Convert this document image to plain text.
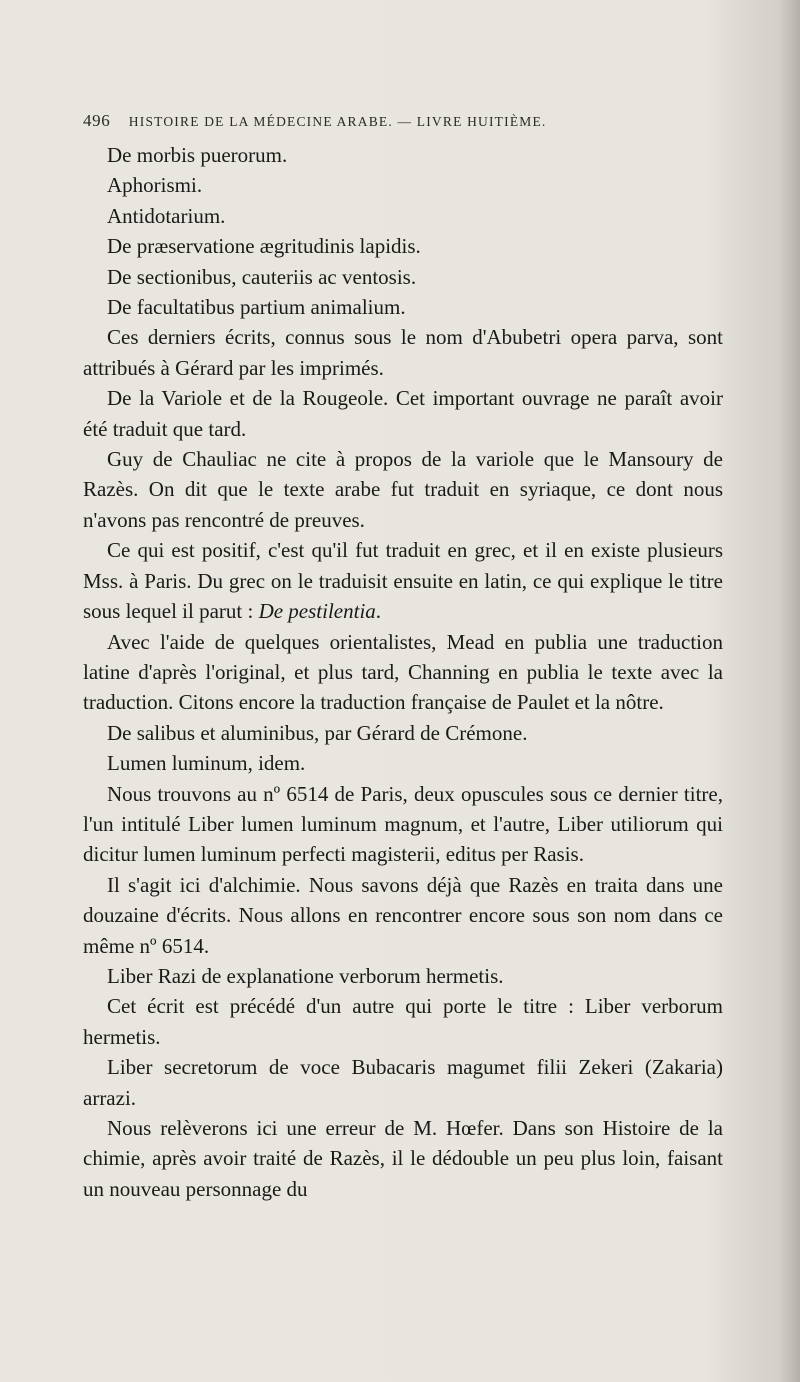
496 HISTOIRE DE LA MÉDECINE ARABE. — LIVRE HUITIÈME.

De morbis puerorum.

Aphorismi.

Antidotarium.

De præservatione ægritudinis lapidis.

De sectionibus, cauteriis ac ventosis.

De facultatibus partium animalium.

Ces derniers écrits, connus sous le nom d'Abubetri opera parva, sont attribués à Gérard par les imprimés.

De la Variole et de la Rougeole. Cet important ouvrage ne paraît avoir été traduit que tard.

Guy de Chauliac ne cite à propos de la variole que le Mansoury de Razès. On dit que le texte arabe fut traduit en syriaque, ce dont nous n'avons pas rencontré de preuves.

Ce qui est positif, c'est qu'il fut traduit en grec, et il en existe plusieurs Mss. à Paris. Du grec on le traduisit ensuite en latin, ce qui explique le titre sous lequel il parut : De pestilentia.

Avec l'aide de quelques orientalistes, Mead en publia une traduction latine d'après l'original, et plus tard, Channing en publia le texte avec la traduction. Citons encore la traduction française de Paulet et la nôtre.

De salibus et aluminibus, par Gérard de Crémone.

Lumen luminum, idem.

Nous trouvons au nº 6514 de Paris, deux opuscules sous ce dernier titre, l'un intitulé Liber lumen luminum magnum, et l'autre, Liber utiliorum qui dicitur lumen luminum perfecti magisterii, editus per Rasis.

Il s'agit ici d'alchimie. Nous savons déjà que Razès en traita dans une douzaine d'écrits. Nous allons en rencontrer encore sous son nom dans ce même nº 6514.

Liber Razi de explanatione verborum hermetis.

Cet écrit est précédé d'un autre qui porte le titre : Liber verborum hermetis.

Liber secretorum de voce Bubacaris magumet filii Zekeri (Zakaria) arrazi.

Nous relèverons ici une erreur de M. Hœfer. Dans son Histoire de la chimie, après avoir traité de Razès, il le dédouble un peu plus loin, faisant un nouveau personnage du
